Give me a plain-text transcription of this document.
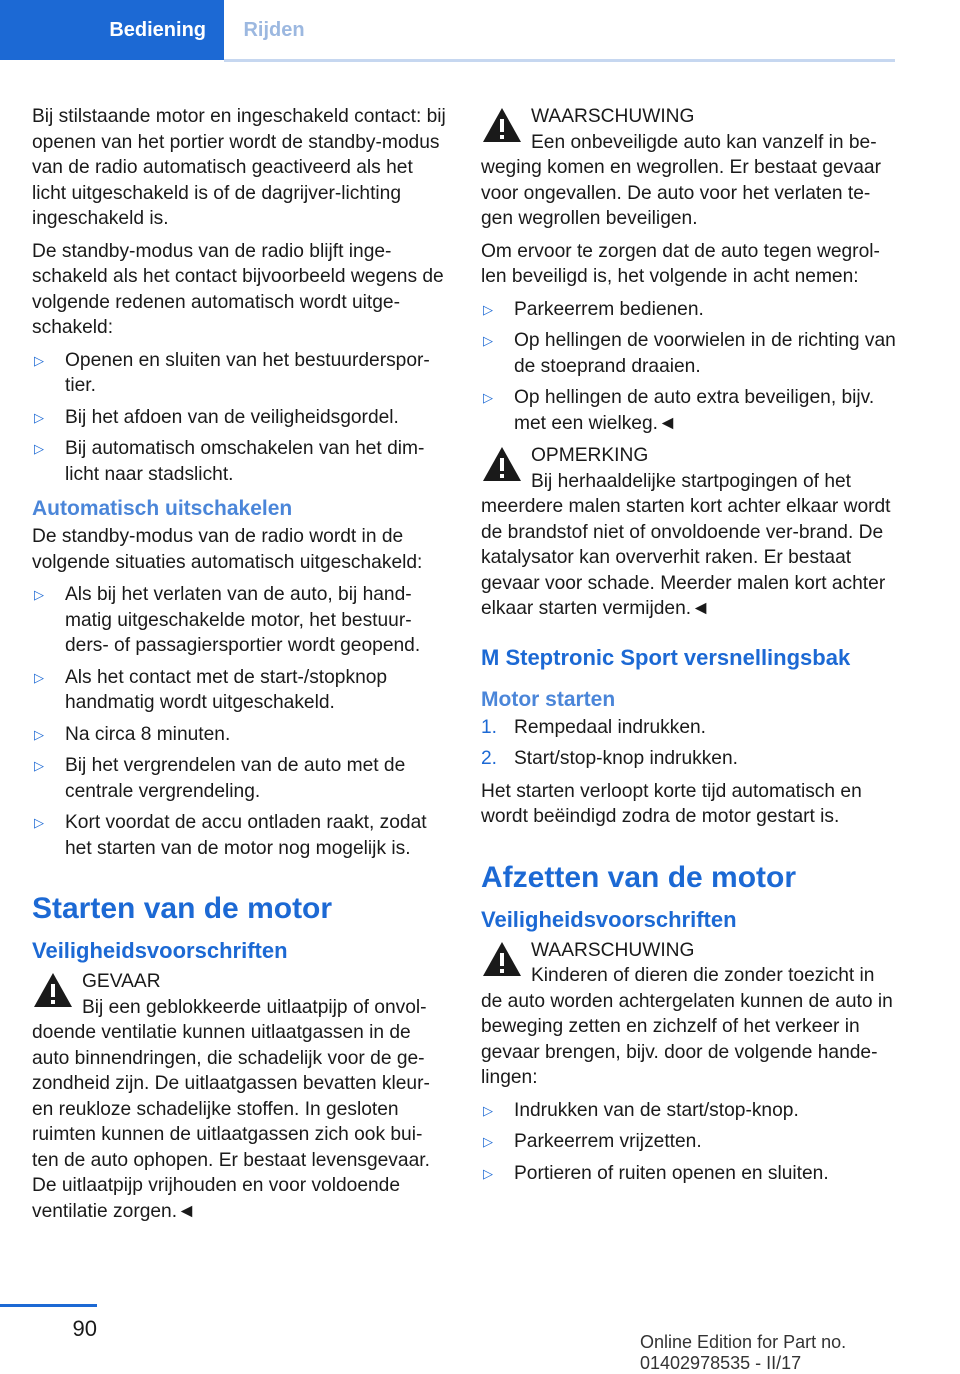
Bediening Rijden

Bij stilstaande motor en ingeschakeld contact: bij openen van het portier wordt de standby-modus van de radio automatisch geactiveerd als het licht uitgeschakeld is of de dagrijver-lichting ingeschakeld is.

De standby-modus van de radio blijft inge-schakeld als het contact bijvoorbeeld wegens de volgende redenen automatisch wordt uitge-schakeld:

▷	Openen en sluiten van het bestuurderspor-tier.
▷	Bij het afdoen van de veiligheidsgordel.
▷	Bij automatisch omschakelen van het dim-licht naar stadslicht.
Automatisch uitschakelen

De standby-modus van de radio wordt in de volgende situaties automatisch uitgeschakeld:

▷	Als bij het verlaten van de auto, bij hand-matig uitgeschakelde motor, het bestuur-ders- of passagiersportier wordt geopend.
▷	Als het contact met de start-/stopknop handmatig wordt uitgeschakeld.
▷	Na circa 8 minuten.
▷	Bij het vergrendelen van de auto met de centrale vergrendeling.
▷	Kort voordat de accu ontladen raakt, zodat het starten van de motor nog mogelijk is.
Starten van de motor
Veiligheidsvoorschriften
GEVAAR
Bij een geblokkeerde uitlaatpijp of onvol-doende ventilatie kunnen uitlaatgassen in de auto binnendringen, die schadelijk voor de ge-zondheid zijn. De uitlaatgassen bevatten kleur-en reukloze schadelijke stoffen. In gesloten ruimten kunnen de uitlaatgassen zich ook bui-ten de auto ophopen. Er bestaat levensgevaar. De uitlaatpijp vrijhouden en voor voldoende ventilatie zorgen.◄
WAARSCHUWING
Een onbeveiligde auto kan vanzelf in be-weging komen en wegrollen. Er bestaat gevaar voor ongevallen. De auto voor het verlaten te-gen wegrollen beveiligen.

Om ervoor te zorgen dat de auto tegen wegrol-len beveiligd is, het volgende in acht nemen:

▷	Parkeerrem bedienen.
▷	Op hellingen de voorwielen in de richting van de stoeprand draaien.
▷	Op hellingen de auto extra beveiligen, bijv. met een wielkeg.◄
OPMERKING
Bij herhaaldelijke startpogingen of het meerdere malen starten kort achter elkaar wordt de brandstof niet of onvoldoende ver-brand. De katalysator kan oververhit raken. Er bestaat gevaar voor schade. Meerder malen kort achter elkaar starten vermijden.◄
M Steptronic Sport versnellingsbak
Motor starten
1. Rempedaal indrukken.
2. Start/stop-knop indrukken.

Het starten verloopt korte tijd automatisch en wordt beëindigd zodra de motor gestart is.

Afzetten van de motor
Veiligheidsvoorschriften
WAARSCHUWING
Kinderen of dieren die zonder toezicht in de auto worden achtergelaten kunnen de auto in beweging zetten en zichzelf of het verkeer in gevaar brengen, bijv. door de volgende hande-lingen:
▷	Indrukken van de start/stop-knop.
▷	Parkeerrem vrijzetten.
▷	Portieren of ruiten openen en sluiten.
90
Online Edition for Part no. 01402978535 - II/17
